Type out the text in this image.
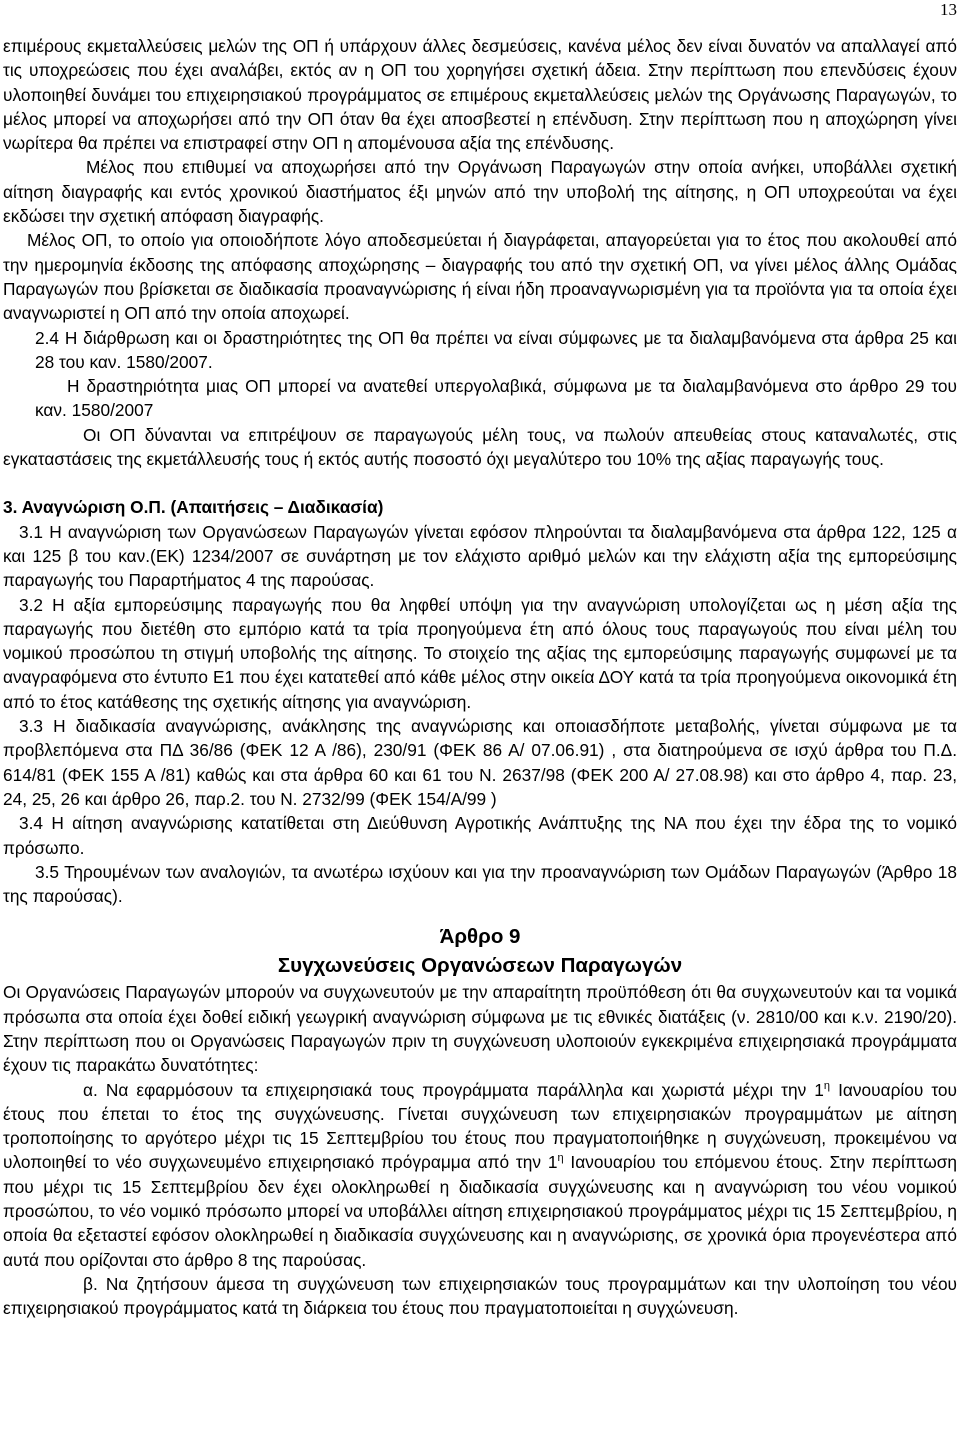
13

επιμέρους εκμεταλλεύσεις μελών της ΟΠ ή υπάρχουν άλλες δεσμεύσεις, κανένα μέλος δεν είναι δυνατόν να απαλλαγεί από τις υποχρεώσεις που έχει αναλάβει, εκτός αν η ΟΠ του χορηγήσει σχετική άδεια. Στην περίπτωση που επενδύσεις έχουν υλοποιηθεί δυνάμει του επιχειρησιακού προγράμματος σε επιμέρους εκμεταλλεύσεις μελών της Οργάνωσης Παραγωγών, το μέλος μπορεί να αποχωρήσει από την ΟΠ όταν θα έχει αποσβεστεί η επένδυση. Στην περίπτωση που η αποχώρηση γίνει νωρίτερα θα πρέπει να επιστραφεί στην ΟΠ η απομένουσα αξία της επένδυσης.

Μέλος που επιθυμεί να αποχωρήσει από την Οργάνωση Παραγωγών στην οποία ανήκει, υποβάλλει σχετική αίτηση διαγραφής και εντός χρονικού διαστήματος έξι μηνών από την υποβολή της αίτησης, η ΟΠ υποχρεούται να έχει εκδώσει την σχετική απόφαση διαγραφής.

Μέλος ΟΠ, το οποίο για οποιοδήποτε λόγο αποδεσμεύεται ή διαγράφεται, απαγορεύεται για το έτος που ακολουθεί από την ημερομηνία έκδοσης της απόφασης αποχώρησης – διαγραφής του από την σχετική ΟΠ, να γίνει μέλος άλλης Ομάδας Παραγωγών που βρίσκεται σε διαδικασία προαναγνώρισης ή είναι ήδη προαναγνωρισμένη για τα προϊόντα για τα οποία έχει αναγνωριστεί η ΟΠ από την οποία αποχωρεί.

2.4 Η διάρθρωση και οι δραστηριότητες της ΟΠ θα πρέπει να είναι σύμφωνες με τα διαλαμβανόμενα στα άρθρα 25 και 28 του καν. 1580/2007.

Η δραστηριότητα μιας ΟΠ μπορεί να ανατεθεί υπεργολαβικά, σύμφωνα με τα διαλαμβανόμενα στο άρθρο 29 του καν. 1580/2007

Οι ΟΠ δύνανται να επιτρέψουν σε παραγωγούς μέλη τους, να πωλούν απευθείας στους καταναλωτές, στις εγκαταστάσεις της εκμετάλλευσής τους ή εκτός αυτής ποσοστό όχι μεγαλύτερο του 10% της αξίας παραγωγής τους.

3. Αναγνώριση Ο.Π. (Απαιτήσεις – Διαδικασία)

3.1 Η αναγνώριση των Οργανώσεων Παραγωγών γίνεται εφόσον πληρούνται τα διαλαμβανόμενα στα άρθρα 122, 125 α και 125 β του καν.(ΕΚ) 1234/2007 σε συνάρτηση με τον ελάχιστο αριθμό μελών και την ελάχιστη αξία της εμπορεύσιμης παραγωγής του Παραρτήματος 4 της παρούσας.

3.2 Η αξία εμπορεύσιμης παραγωγής που θα ληφθεί υπόψη για την αναγνώριση υπολογίζεται ως η μέση αξία της παραγωγής που διετέθη στο εμπόριο κατά τα τρία προηγούμενα έτη από όλους τους παραγωγούς που είναι μέλη του νομικού προσώπου τη στιγμή υποβολής της αίτησης. Το στοιχείο της αξίας της εμπορεύσιμης παραγωγής συμφωνεί με τα αναγραφόμενα στο έντυπο Ε1 που έχει κατατεθεί από κάθε μέλος στην οικεία ΔΟΥ κατά τα τρία προηγούμενα οικονομικά έτη από το έτος κατάθεσης της σχετικής αίτησης για αναγνώριση.

3.3 Η διαδικασία αναγνώρισης, ανάκλησης της αναγνώρισης και οποιασδήποτε μεταβολής, γίνεται σύμφωνα με τα προβλεπόμενα στα ΠΔ 36/86 (ΦΕΚ 12 Α /86), 230/91 (ΦΕΚ 86 Α/ 07.06.91) , στα διατηρούμενα σε ισχύ άρθρα του Π.Δ. 614/81 (ΦΕΚ 155 Α /81) καθώς και στα άρθρα 60 και 61 του Ν. 2637/98 (ΦΕΚ 200 Α/ 27.08.98) και στο άρθρο 4, παρ. 23, 24, 25, 26 και άρθρο 26, παρ.2. του Ν. 2732/99 (ΦΕΚ 154/Α/99 )

3.4 Η αίτηση αναγνώρισης κατατίθεται στη Διεύθυνση Αγροτικής Ανάπτυξης της ΝΑ που έχει την έδρα της το νομικό πρόσωπο.

3.5 Τηρουμένων των αναλογιών, τα ανωτέρω ισχύουν και για την προαναγνώριση των Ομάδων Παραγωγών (Άρθρο 18 της παρούσας).

Άρθρο 9
Συγχωνεύσεις Οργανώσεων Παραγωγών

Οι Οργανώσεις Παραγωγών μπορούν να συγχωνευτούν με την απαραίτητη προϋπόθεση ότι θα συγχωνευτούν και τα νομικά πρόσωπα στα οποία έχει δοθεί ειδική γεωγρική αναγνώριση σύμφωνα με τις εθνικές διατάξεις (ν. 2810/00 και κ.ν. 2190/20). Στην περίπτωση που οι Οργανώσεις Παραγωγών πριν τη συγχώνευση υλοποιούν εγκεκριμένα επιχειρησιακά προγράμματα έχουν τις παρακάτω δυνατότητες:

α. Να εφαρμόσουν τα επιχειρησιακά τους προγράμματα παράλληλα και χωριστά μέχρι την $1^\eta$ Ιανουαρίου του έτους που έπεται το έτος της συγχώνευσης. Γίνεται συγχώνευση των επιχειρησιακών προγραμμάτων με αίτηση τροποποίησης το αργότερο μέχρι τις 15 Σεπτεμβρίου του έτους που πραγματοποιήθηκε η συγχώνευση, προκειμένου να υλοποιηθεί το νέο συγχωνευμένο επιχειρησιακό πρόγραμμα από την $1^\eta$ Ιανουαρίου του επόμενου έτους. Στην περίπτωση που μέχρι τις 15 Σεπτεμβρίου δεν έχει ολοκληρωθεί η διαδικασία συγχώνευσης και η αναγνώριση του νέου νομικού προσώπου, το νέο νομικό πρόσωπο μπορεί να υποβάλλει αίτηση επιχειρησιακού προγράμματος μέχρι τις 15 Σεπτεμβρίου, η οποία θα εξεταστεί εφόσον ολοκληρωθεί η διαδικασία συγχώνευσης και η αναγνώρισης, σε χρονικά όρια προγενέστερα από αυτά που ορίζονται στο άρθρο 8 της παρούσας.

β. Να ζητήσουν άμεσα τη συγχώνευση των επιχειρησιακών τους προγραμμάτων και την υλοποίηση του νέου επιχειρησιακού προγράμματος κατά τη διάρκεια του έτους που πραγματοποιείται η συγχώνευση.
